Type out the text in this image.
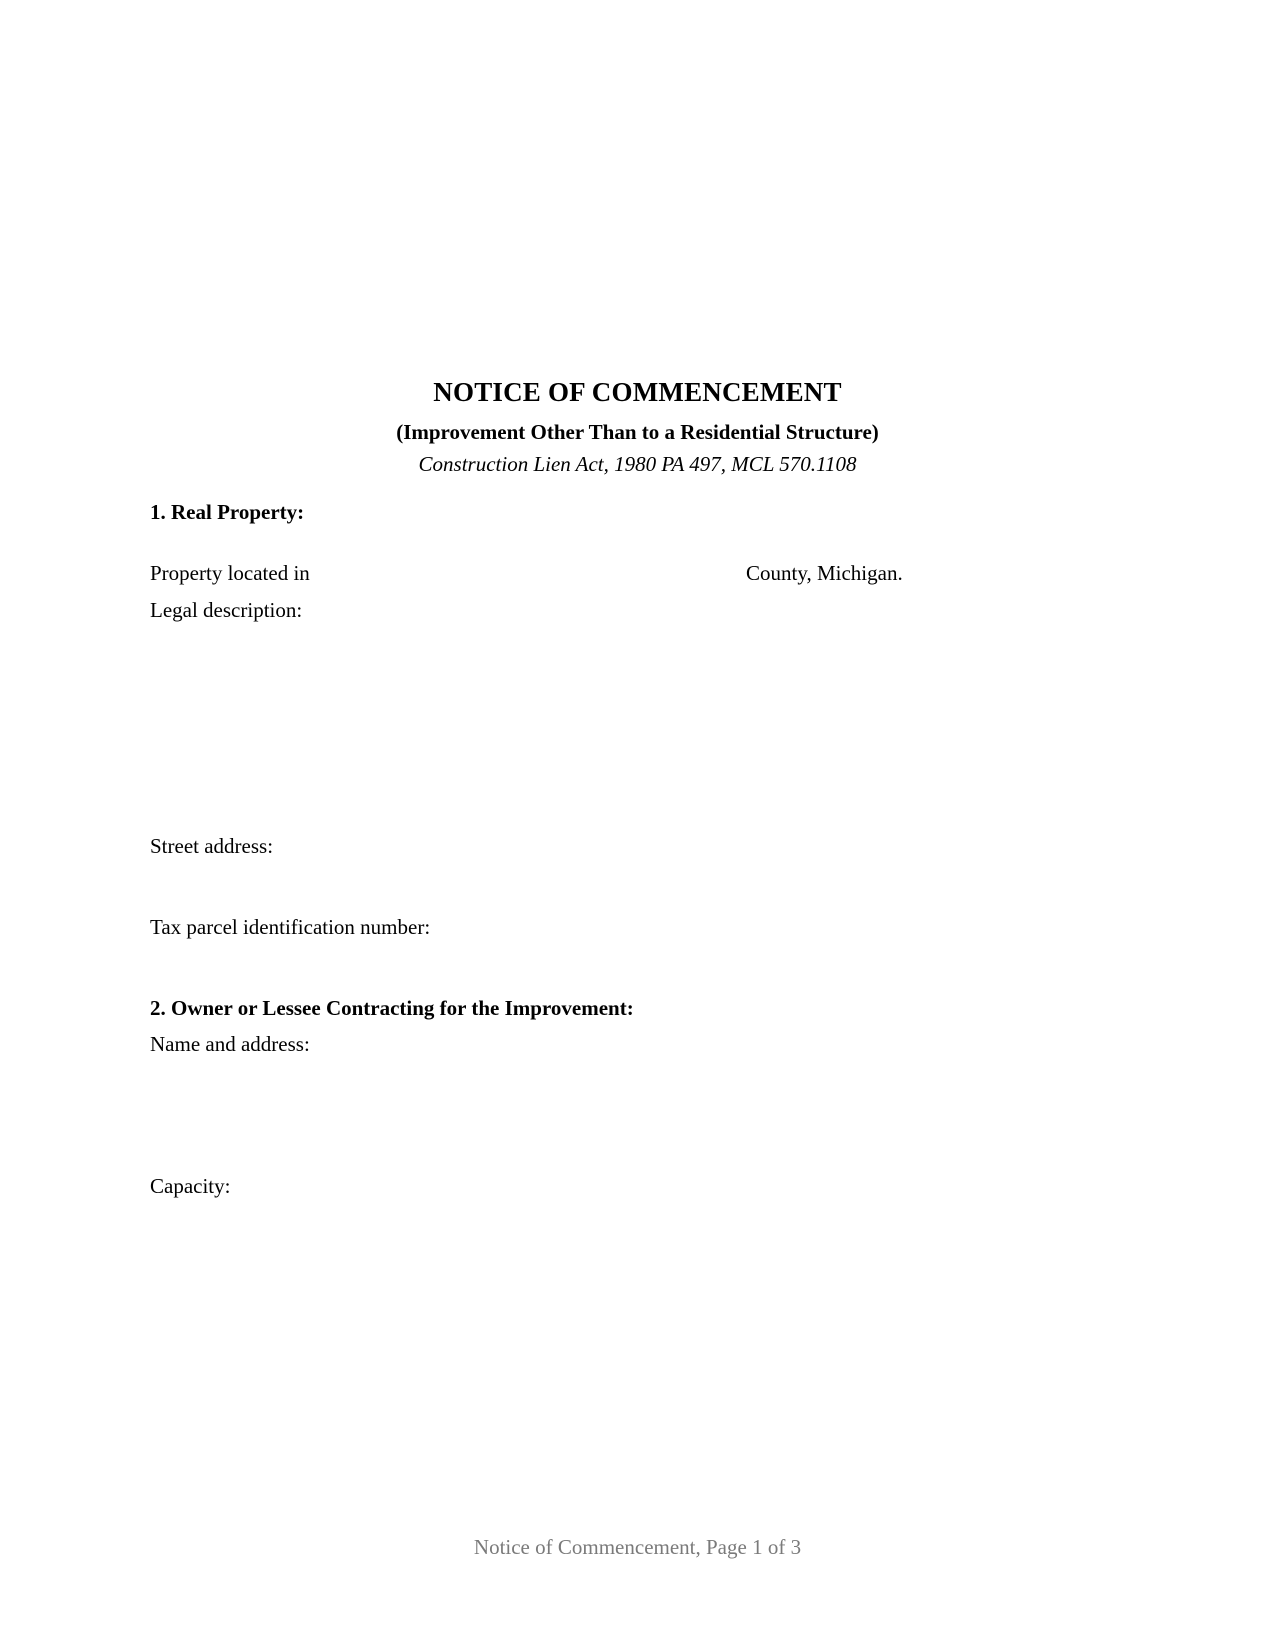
NOTICE OF COMMENCEMENT
(Improvement Other Than to a Residential Structure)
Construction Lien Act, 1980 PA 497, MCL 570.1108
1. Real Property:
Property located in	County, Michigan.
Legal description:
Street address:
Tax parcel identification number:
2. Owner or Lessee Contracting for the Improvement:
Name and address:
Capacity:
Notice of Commencement, Page 1 of 3
